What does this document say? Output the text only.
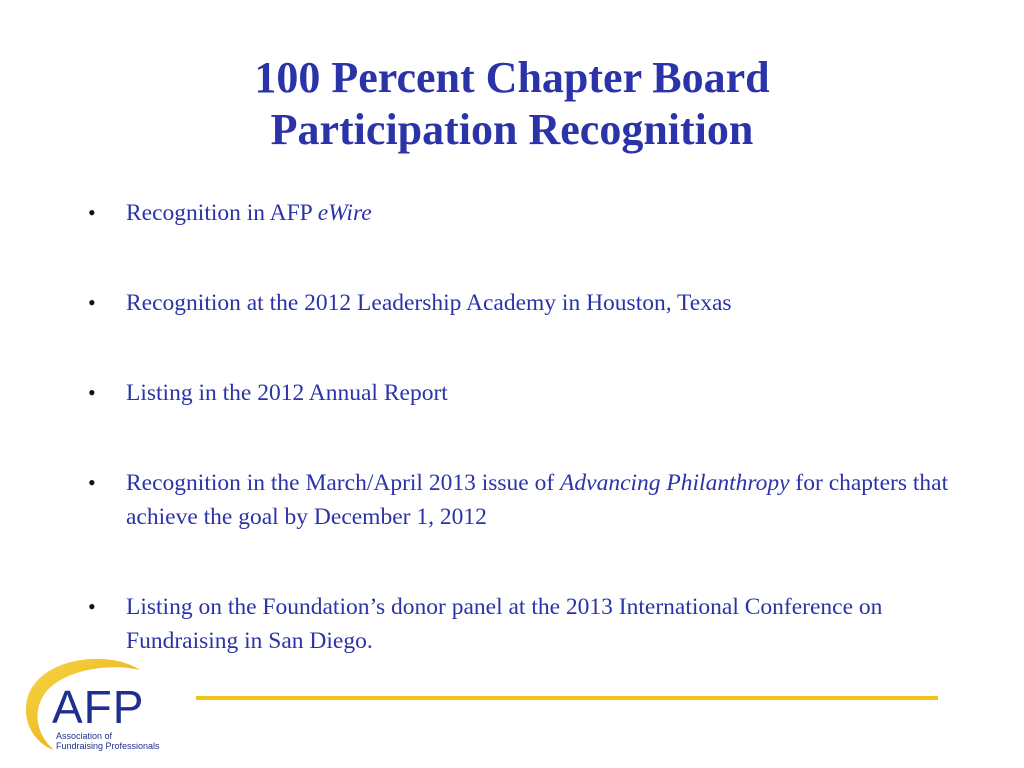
100 Percent Chapter Board
Participation Recognition
• Recognition in AFP eWire
• Recognition at the 2012 Leadership Academy in Houston, Texas
• Listing in the 2012 Annual Report
• Recognition in the March/April 2013 issue of Advancing Philanthropy for chapters that achieve the goal by December 1, 2012
• Listing on the Foundation’s donor panel at the 2013 International Conference on Fundraising in San Diego.
AFP
Association of
Fundraising Professionals
